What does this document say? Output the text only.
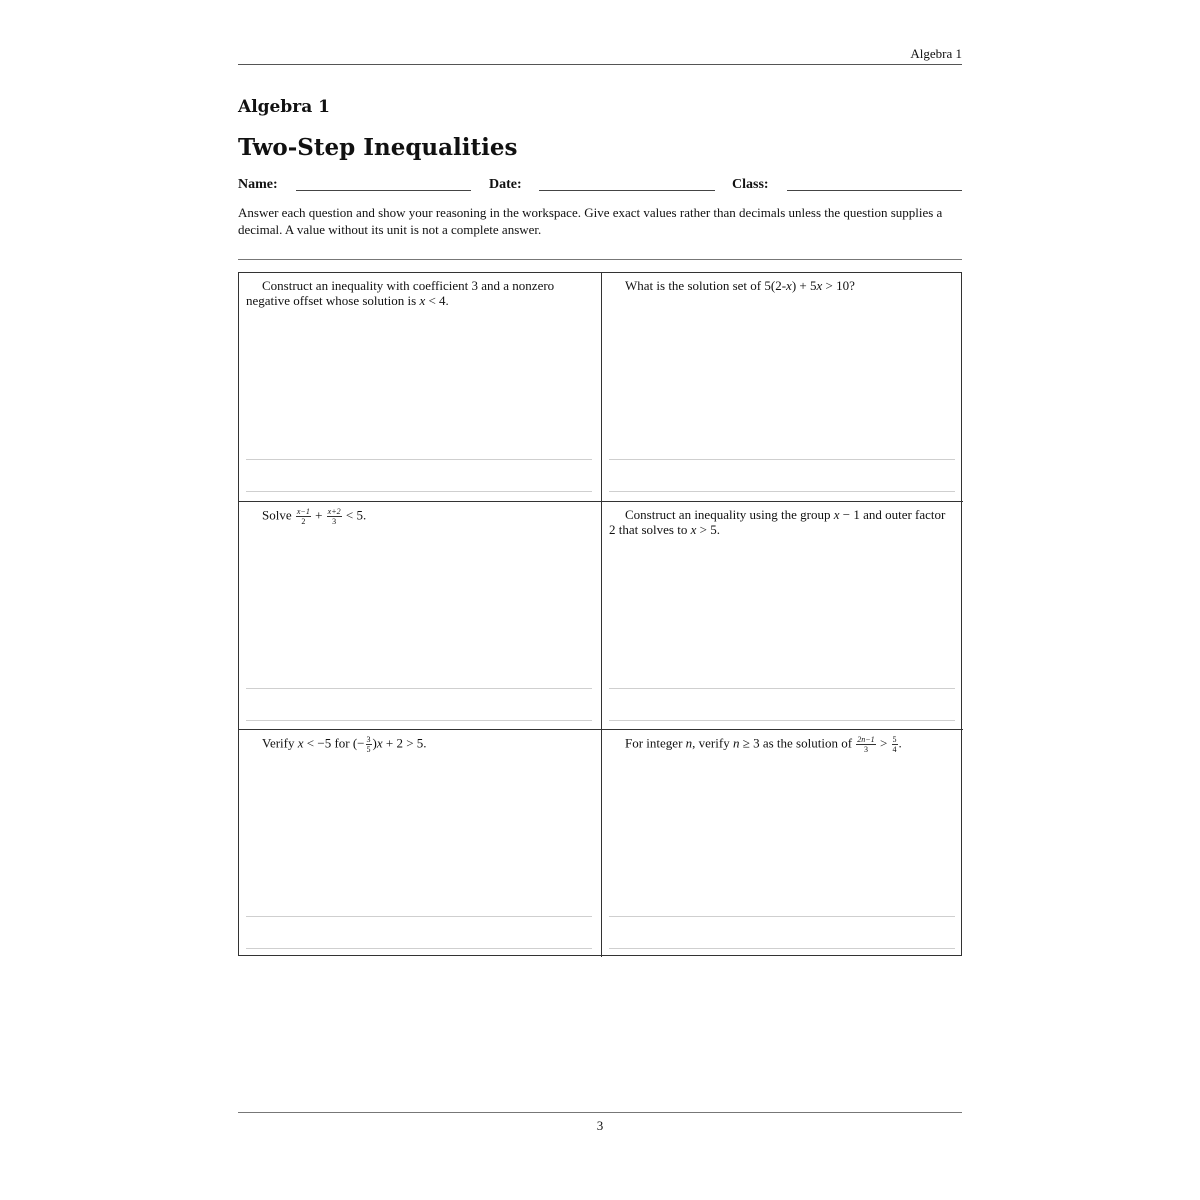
Algebra 1
Algebra 1
Two-Step Inequalities
Name:	Date:	Class:
Answer each question and show your reasoning in the workspace. Give exact values rather than decimals unless the question supplies a decimal. A value without its unit is not a complete answer.
Construct an inequality with coefficient 3 and a nonzero negative offset whose solution is x < 4.
What is the solution set of 5(2-x) + 5x > 10?
Solve $\frac{x-1}{2} + \frac{x+2}{3} < 5$.	Construct an inequality using the group x − 1 and outer factor 2 that solves to x > 5.
Verify x < −5 for (− $\frac{3}{5} )x + 2 > 5$.	For integer n, verify n ≥ 3 as the solution of $\frac{2n-1}{3} > \frac{5}{4}$ .
3
